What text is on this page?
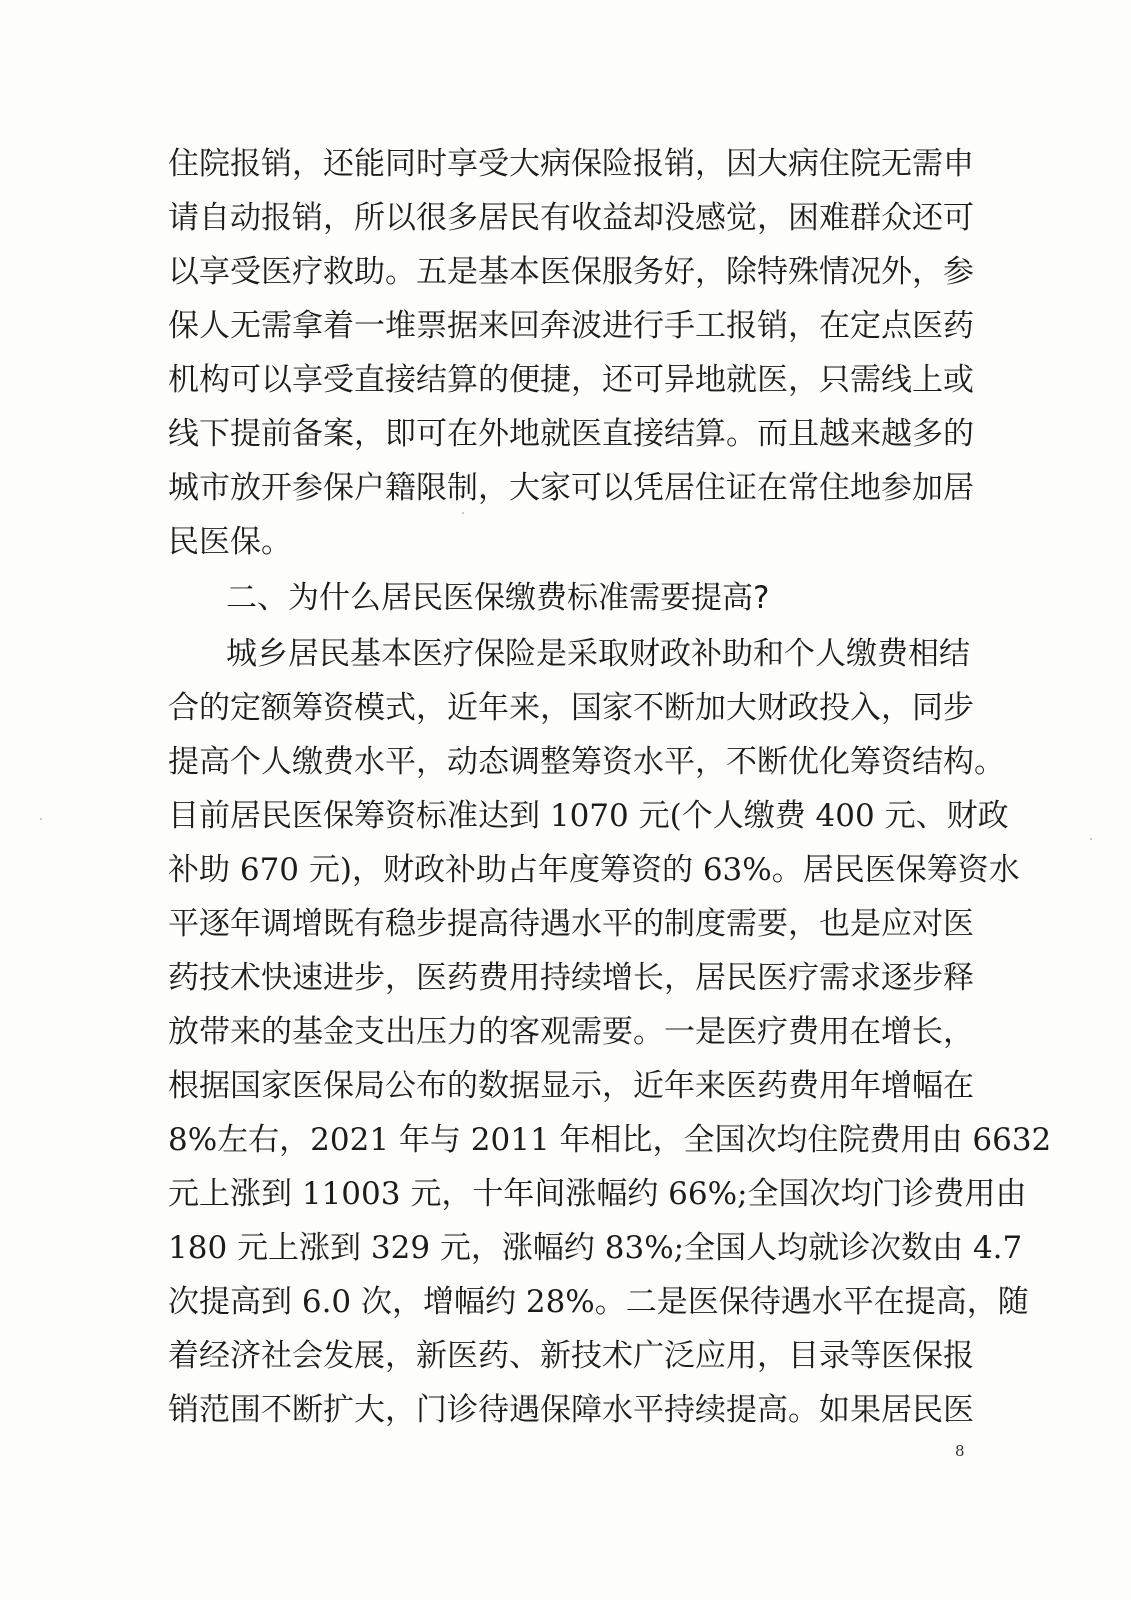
住院报销，还能同时享受大病保险报销，因大病住院无需申
请自动报销，所以很多居民有收益却没感觉，困难群众还可
以享受医疗救助。五是基本医保服务好，除特殊情况外，参
保人无需拿着一堆票据来回奔波进行手工报销，在定点医药
机构可以享受直接结算的便捷，还可异地就医，只需线上或
线下提前备案，即可在外地就医直接结算。而且越来越多的
城市放开参保户籍限制，大家可以凭居住证在常住地参加居
民医保。
二、为什么居民医保缴费标准需要提高?
城乡居民基本医疗保险是采取财政补助和个人缴费相结
合的定额筹资模式，近年来，国家不断加大财政投入，同步
提高个人缴费水平，动态调整筹资水平，不断优化筹资结构。
目前居民医保筹资标准达到 1070 元(个人缴费 400 元、财政
补助 670 元)，财政补助占年度筹资的 63%。居民医保筹资水
平逐年调增既有稳步提高待遇水平的制度需要，也是应对医
药技术快速进步，医药费用持续增长，居民医疗需求逐步释
放带来的基金支出压力的客观需要。一是医疗费用在增长，
根据国家医保局公布的数据显示，近年来医药费用年增幅在
8%左右，2021 年与 2011 年相比，全国次均住院费用由 6632
元上涨到 11003 元，十年间涨幅约 66%;全国次均门诊费用由
180 元上涨到 329 元，涨幅约 83%;全国人均就诊次数由 4.7
次提高到 6.0 次，增幅约 28%。二是医保待遇水平在提高，随
着经济社会发展，新医药、新技术广泛应用，目录等医保报
销范围不断扩大，门诊待遇保障水平持续提高。如果居民医
8
